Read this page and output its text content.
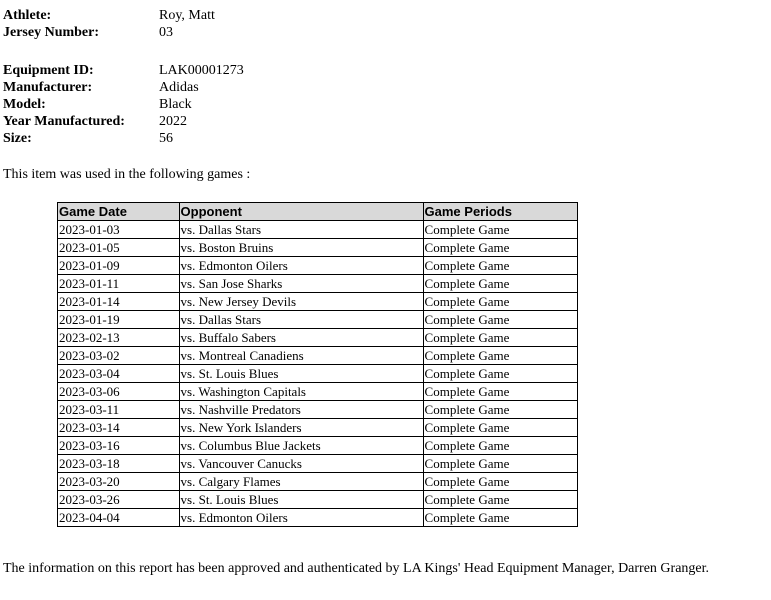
Athlete:	Roy, Matt
Jersey Number:	03
Equipment ID:	LAK00001273
Manufacturer:	Adidas
Model:	Black
Year Manufactured: 2022
Size:	56
This item was used in the following games :
Game Date	Opponent	Game Periods
2023-01-03	vs. Dallas Stars	Complete Game
2023-01-05	vs. Boston Bruins	Complete Game
2023-01-09	vs. Edmonton Oilers	Complete Game
2023-01-11	vs. San Jose Sharks	Complete Game
2023-01-14	vs. New Jersey Devils	Complete Game
2023-01-19	vs. Dallas Stars	Complete Game
2023-02-13	vs. Buffalo Sabers	Complete Game
2023-03-02	vs. Montreal Canadiens	Complete Game
2023-03-04	vs. St. Louis Blues	Complete Game
2023-03-06	vs. Washington Capitals	Complete Game
2023-03-11	vs. Nashville Predators	Complete Game
2023-03-14	vs. New York Islanders	Complete Game
2023-03-16	vs. Columbus Blue Jackets	Complete Game
2023-03-18	vs. Vancouver Canucks	Complete Game
2023-03-20	vs. Calgary Flames	Complete Game
2023-03-26	vs. St. Louis Blues	Complete Game
2023-04-04	vs. Edmonton Oilers	Complete Game
The information on this report has been approved and authenticated by LA Kings' Head Equipment Manager, Darren Granger.
